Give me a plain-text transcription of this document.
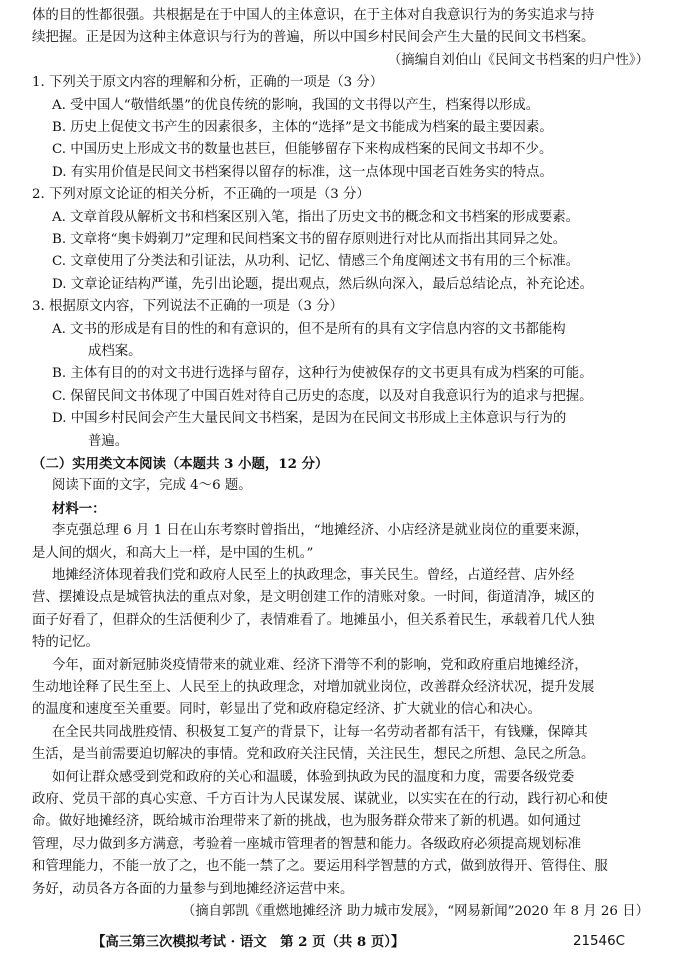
体的目的性都很强。共根据是在于中国人的主体意识，在于主体对自我意识行为的务实追求与持
续把握。正是因为这种主体意识与行为的普遍，所以中国乡村民间会产生大量的民间文书档案。
（摘编自刘伯山《民间文书档案的归户性》）
1. 下列关于原文内容的理解和分析，正确的一项是（3 分）
A. 受中国人“敬惜纸墨”的优良传统的影响，我国的文书得以产生，档案得以形成。
B. 历史上促使文书产生的因素很多，主体的“选择”是文书能成为档案的最主要因素。
C. 中国历史上形成文书的数量也甚巨，但能够留存下来构成档案的民间文书却不少。
D. 有实用价值是民间文书档案得以留存的标准，这一点体现中国老百姓务实的特点。
2. 下列对原文论证的相关分析，不正确的一项是（3 分）
A. 文章首段从解析文书和档案区别入笔，指出了历史文书的概念和文书档案的形成要素。
B. 文章将“奥卡姆剃刀”定理和民间档案文书的留存原则进行对比从而指出其同异之处。
C. 文章使用了分类法和引证法，从功利、记忆、情感三个角度阐述文书有用的三个标准。
D. 文章论证结构严谨，先引出论题，提出观点，然后纵向深入，最后总结论点，补充论述。
3. 根据原文内容，下列说法不正确的一项是（3 分）
A. 文书的形成是有目的性的和有意识的，但不是所有的具有文字信息内容的文书都能构
成档案。
B. 主体有目的的对文书进行选择与留存，这种行为使被保存的文书更具有成为档案的可能。
C. 保留民间文书体现了中国百姓对待自己历史的态度，以及对自我意识行为的追求与把握。
D. 中国乡村民间会产生大量民间文书档案，是因为在民间文书形成上主体意识与行为的
普遍。
（二）实用类文本阅读（本题共 3 小题，12 分）
阅读下面的文字，完成 4～6 题。
材料一：
李克强总理 6 月 1 日在山东考察时曾指出，“地摊经济、小店经济是就业岗位的重要来源，
是人间的烟火，和高大上一样，是中国的生机。”
地摊经济体现着我们党和政府人民至上的执政理念，事关民生。曾经，占道经营、店外经
营、摆摊设点是城管执法的重点对象，是文明创建工作的清账对象。一时间，街道清净，城区的
面子好看了，但群众的生活便利少了，表情难看了。地摊虽小，但关系着民生，承载着几代人独
特的记忆。
今年，面对新冠肺炎疫情带来的就业难、经济下滑等不利的影响，党和政府重启地摊经济，
生动地诠释了民生至上、人民至上的执政理念，对增加就业岗位，改善群众经济状况，提升发展
的温度和速度至关重要。同时，彰显出了党和政府稳定经济、扩大就业的信心和决心。
在全民共同战胜疫情、积极复工复产的背景下，让每一名劳动者都有活干，有钱赚，保障其
生活，是当前需要迫切解决的事情。党和政府关注民情，关注民生，想民之所想、急民之所急。
如何让群众感受到党和政府的关心和温暖，体验到执政为民的温度和力度，需要各级党委
政府、党员干部的真心实意、千方百计为人民谋发展、谋就业，以实实在在的行动，践行初心和使
命。做好地摊经济，既给城市治理带来了新的挑战，也为服务群众带来了新的机遇。如何通过
管理，尽力做到多方满意，考验着一座城市管理者的智慧和能力。各级政府必须提高规划标准
和管理能力，不能一放了之，也不能一禁了之。要运用科学智慧的方式，做到放得开、管得住、服
务好，动员各方各面的力量参与到地摊经济运营中来。
（摘自郭凯《重燃地摊经济 助力城市发展》，“网易新闻”2020 年 8 月 26 日）
【高三第三次模拟考试 · 语文　第 2 页（共 8 页）】	21546C
